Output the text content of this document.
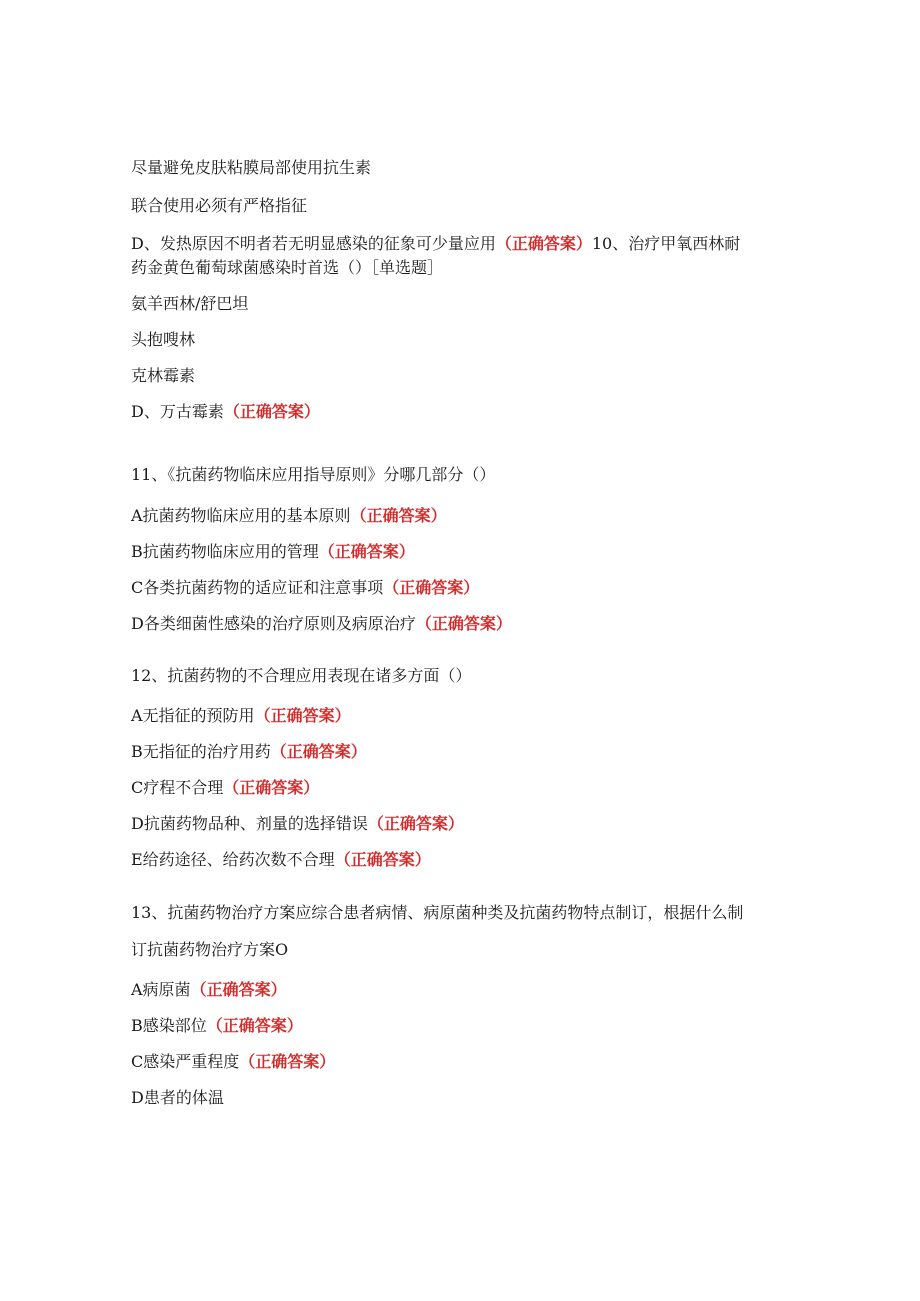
尽量避免皮肤粘膜局部使用抗生素
联合使用必须有严格指征
D、发热原因不明者若无明显感染的征象可少量应用（正确答案）10、治疗甲氧西林耐
药金黄色葡萄球菌感染时首选（）［单选题］
氨羊西林/舒巴坦
头抱嗖林
克林霉素
D、万古霉素（正确答案）
11、《抗菌药物临床应用指导原则》分哪几部分（）
A抗菌药物临床应用的基本原则（正确答案）
B抗菌药物临床应用的管理（正确答案）
C各类抗菌药物的适应证和注意事项（正确答案）
D各类细菌性感染的治疗原则及病原治疗（正确答案）
12、抗菌药物的不合理应用表现在诸多方面（）
A无指征的预防用（正确答案）
B无指征的治疗用药（正确答案）
C疗程不合理（正确答案）
D抗菌药物品种、剂量的选择错误（正确答案）
E给药途径、给药次数不合理（正确答案）
13、抗菌药物治疗方案应综合患者病情、病原菌种类及抗菌药物特点制订，根据什么制
订抗菌药物治疗方案O
A病原菌（正确答案）
B感染部位（正确答案）
C感染严重程度（正确答案）
D患者的体温
